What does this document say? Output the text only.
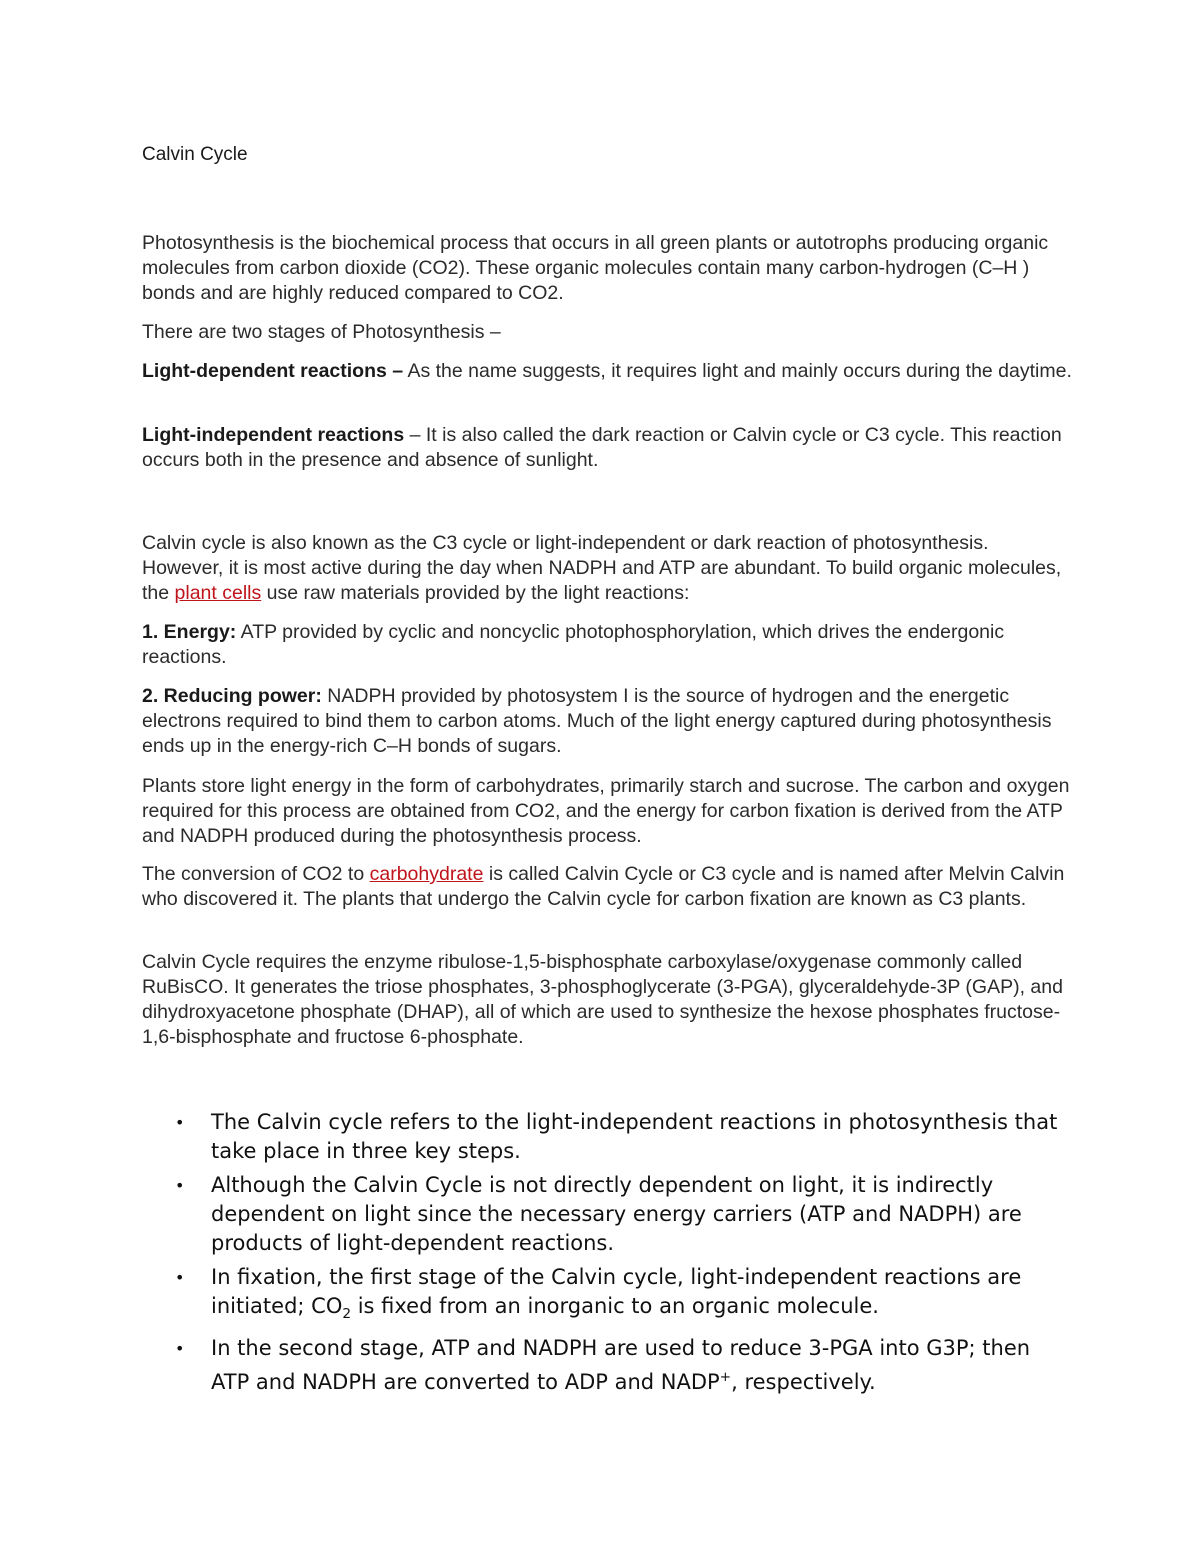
Calvin Cycle

Photosynthesis is the biochemical process that occurs in all green plants or autotrophs producing organic molecules from carbon dioxide (CO2). These organic molecules contain many carbon-hydrogen (C–H ) bonds and are highly reduced compared to CO2.

There are two stages of Photosynthesis –

Light-dependent reactions – As the name suggests, it requires light and mainly occurs during the daytime.

Light-independent reactions – It is also called the dark reaction or Calvin cycle or C3 cycle. This reaction occurs both in the presence and absence of sunlight.

Calvin cycle is also known as the C3 cycle or light-independent or dark reaction of photosynthesis. However, it is most active during the day when NADPH and ATP are abundant. To build organic molecules, the plant cells use raw materials provided by the light reactions:

1. Energy: ATP provided by cyclic and noncyclic photophosphorylation, which drives the endergonic reactions.

2. Reducing power: NADPH provided by photosystem I is the source of hydrogen and the energetic electrons required to bind them to carbon atoms. Much of the light energy captured during photosynthesis ends up in the energy-rich C–H bonds of sugars.

Plants store light energy in the form of carbohydrates, primarily starch and sucrose. The carbon and oxygen required for this process are obtained from CO2, and the energy for carbon fixation is derived from the ATP and NADPH produced during the photosynthesis process.

The conversion of CO2 to carbohydrate is called Calvin Cycle or C3 cycle and is named after Melvin Calvin who discovered it. The plants that undergo the Calvin cycle for carbon fixation are known as C3 plants.

Calvin Cycle requires the enzyme ribulose-1,5-bisphosphate carboxylase/oxygenase commonly called RuBisCO. It generates the triose phosphates, 3-phosphoglycerate (3-PGA), glyceraldehyde-3P (GAP), and dihydroxyacetone phosphate (DHAP), all of which are used to synthesize the hexose phosphates fructose-1,6-bisphosphate and fructose 6-phosphate.

• The Calvin cycle refers to the light-independent reactions in photosynthesis that take place in three key steps.
• Although the Calvin Cycle is not directly dependent on light, it is indirectly dependent on light since the necessary energy carriers (ATP and NADPH) are products of light-dependent reactions.
• In fixation, the first stage of the Calvin cycle, light-independent reactions are initiated; $CO_2$ is fixed from an inorganic to an organic molecule.
• In the second stage, ATP and NADPH are used to reduce 3-PGA into G3P; then ATP and NADPH are converted to ADP and NADP+, respectively.
